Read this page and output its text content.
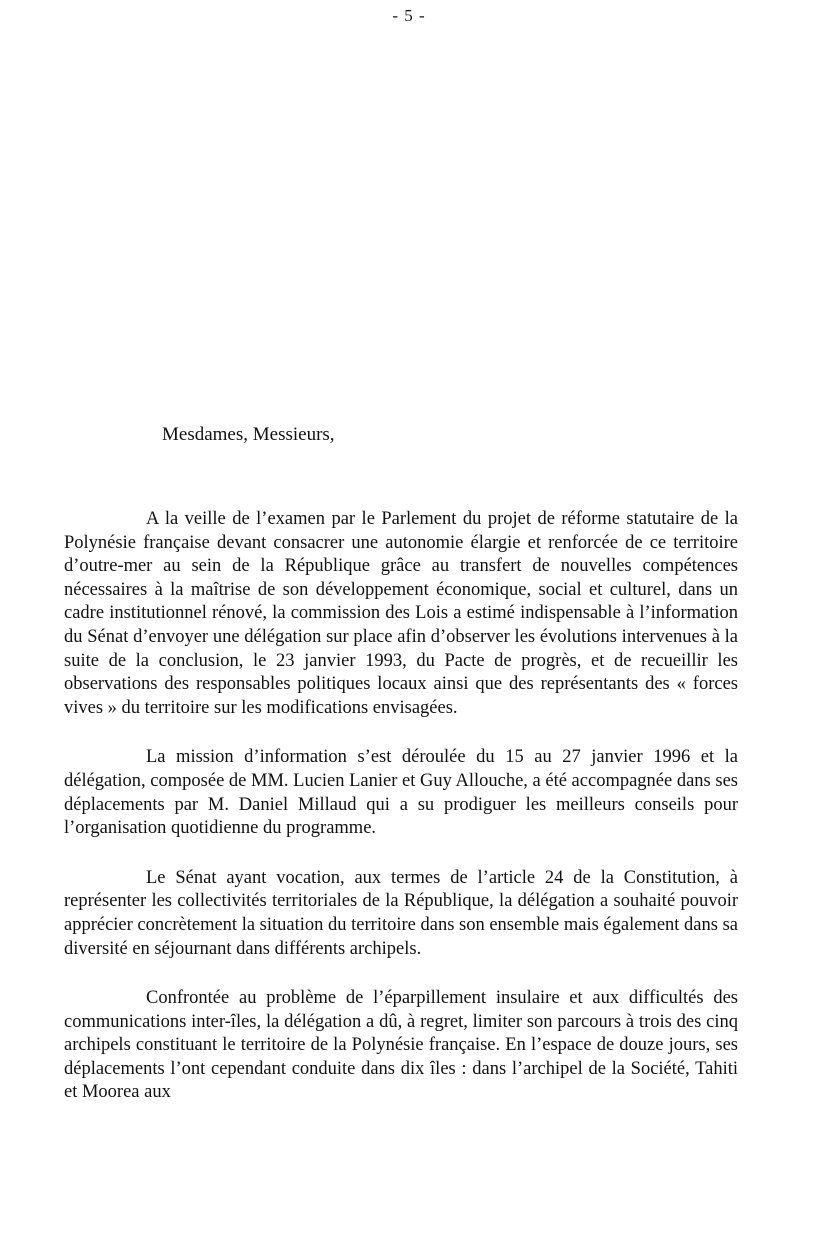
- 5 -
Mesdames, Messieurs,

A la veille de l’examen par le Parlement du projet de réforme statutaire de la Polynésie française devant consacrer une autonomie élargie et renforcée de ce territoire d’outre-mer au sein de la République grâce au transfert de nouvelles compétences nécessaires à la maîtrise de son développement économique, social et culturel, dans un cadre institutionnel rénové, la commission des Lois a estimé indispensable à l’information du Sénat d’envoyer une délégation sur place afin d’observer les évolutions intervenues à la suite de la conclusion, le 23 janvier 1993, du Pacte de progrès, et de recueillir les observations des responsables politiques locaux ainsi que des représentants des « forces vives » du territoire sur les modifications envisagées.

La mission d’information s’est déroulée du 15 au 27 janvier 1996 et la délégation, composée de MM. Lucien Lanier et Guy Allouche, a été accompagnée dans ses déplacements par M. Daniel Millaud qui a su prodiguer les meilleurs conseils pour l’organisation quotidienne du programme.

Le Sénat ayant vocation, aux termes de l’article 24 de la Constitution, à représenter les collectivités territoriales de la République, la délégation a souhaité pouvoir apprécier concrètement la situation du territoire dans son ensemble mais également dans sa diversité en séjournant dans différents archipels.

Confrontée au problème de l’éparpillement insulaire et aux difficultés des communications inter-îles, la délégation a dû, à regret, limiter son parcours à trois des cinq archipels constituant le territoire de la Polynésie française. En l’espace de douze jours, ses déplacements l’ont cependant conduite dans dix îles : dans l’archipel de la Société, Tahiti et Moorea aux
